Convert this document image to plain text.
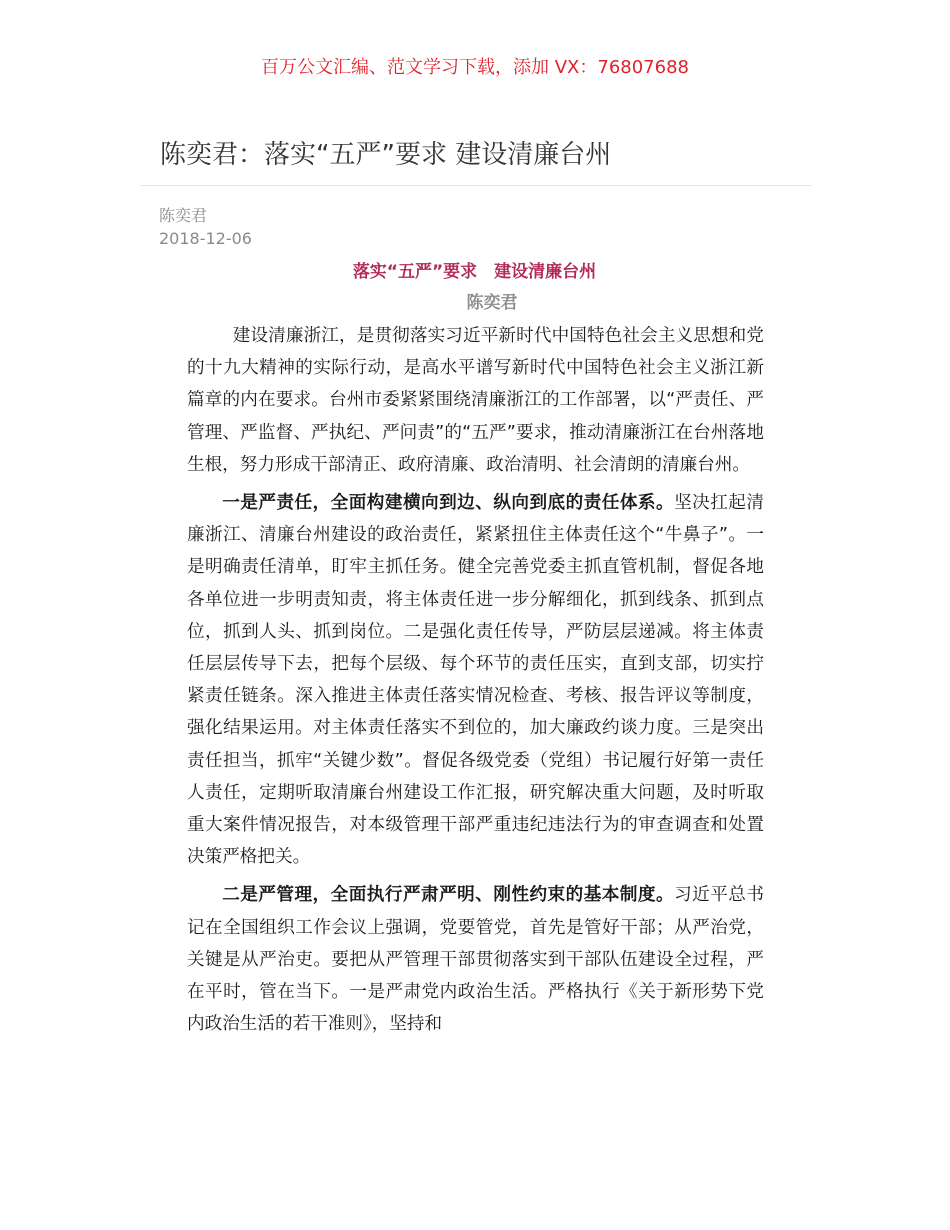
百万公文汇编、范文学习下载，添加 VX：76807688
陈奕君：落实“五严”要求 建设清廉台州
陈奕君
2018-12-06
落实“五严”要求　建设清廉台州
陈奕君

建设清廉浙江，是贯彻落实习近平新时代中国特色社会主义思想和党的十九大精神的实际行动，是高水平谱写新时代中国特色社会主义浙江新篇章的内在要求。台州市委紧紧围绕清廉浙江的工作部署，以“严责任、严管理、严监督、严执纪、严问责”的“五严”要求，推动清廉浙江在台州落地生根，努力形成干部清正、政府清廉、政治清明、社会清朗的清廉台州。

一是严责任，全面构建横向到边、纵向到底的责任体系。坚决扛起清廉浙江、清廉台州建设的政治责任，紧紧扭住主体责任这个“牛鼻子”。一是明确责任清单，盯牢主抓任务。健全完善党委主抓直管机制，督促各地各单位进一步明责知责，将主体责任进一步分解细化，抓到线条、抓到点位，抓到人头、抓到岗位。二是强化责任传导，严防层层递减。将主体责任层层传导下去，把每个层级、每个环节的责任压实，直到支部，切实拧紧责任链条。深入推进主体责任落实情况检查、考核、报告评议等制度，强化结果运用。对主体责任落实不到位的，加大廉政约谈力度。三是突出责任担当，抓牢“关键少数”。督促各级党委（党组）书记履行好第一责任人责任，定期听取清廉台州建设工作汇报，研究解决重大问题，及时听取重大案件情况报告，对本级管理干部严重违纪违法行为的审查调查和处置决策严格把关。

二是严管理，全面执行严肃严明、刚性约束的基本制度。习近平总书记在全国组织工作会议上强调，党要管党，首先是管好干部；从严治党，关键是从严治吏。要把从严管理干部贯彻落实到干部队伍建设全过程，严在平时，管在当下。一是严肃党内政治生活。严格执行《关于新形势下党内政治生活的若干准则》，坚持和
